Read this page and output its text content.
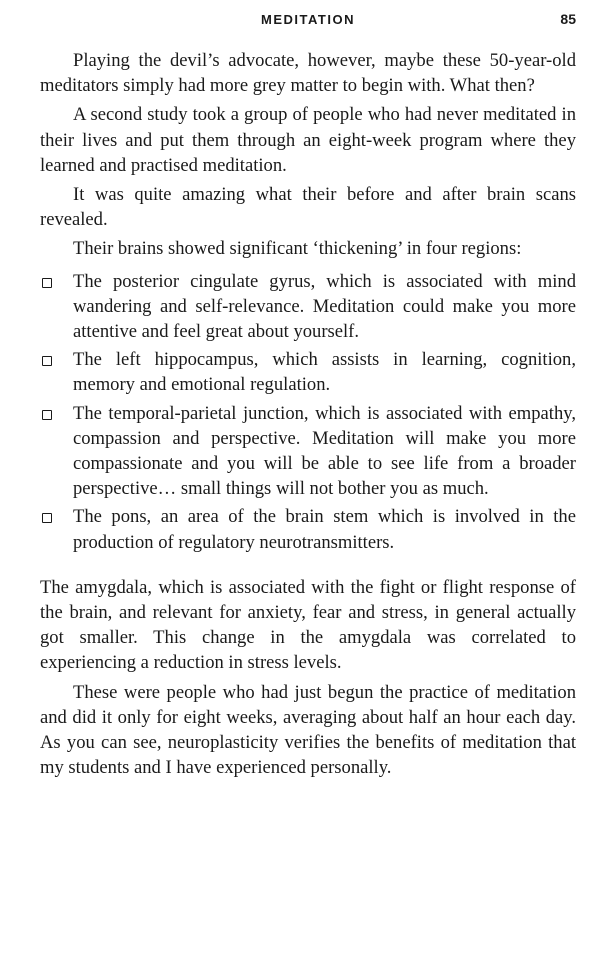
MEDITATION	85

Playing the devil’s advocate, however, maybe these 50-year-old meditators simply had more grey matter to begin with. What then?

A second study took a group of people who had never meditated in their lives and put them through an eight-week program where they learned and practised meditation.

It was quite amazing what their before and after brain scans revealed.

Their brains showed significant ‘thickening’ in four regions:

The posterior cingulate gyrus, which is associated with mind wandering and self-relevance. Meditation could make you more attentive and feel great about yourself.
The left hippocampus, which assists in learning, cognition, memory and emotional regulation.
The temporal-parietal junction, which is associated with empathy, compassion and perspective. Meditation will make you more compassionate and you will be able to see life from a broader perspective… small things will not bother you as much.
The pons, an area of the brain stem which is involved in the production of regulatory neurotransmitters.

The amygdala, which is associated with the fight or flight response of the brain, and relevant for anxiety, fear and stress, in general actually got smaller. This change in the amygdala was correlated to experiencing a reduction in stress levels.

These were people who had just begun the practice of meditation and did it only for eight weeks, averaging about half an hour each day. As you can see, neuroplasticity verifies the benefits of meditation that my students and I have experienced personally.
